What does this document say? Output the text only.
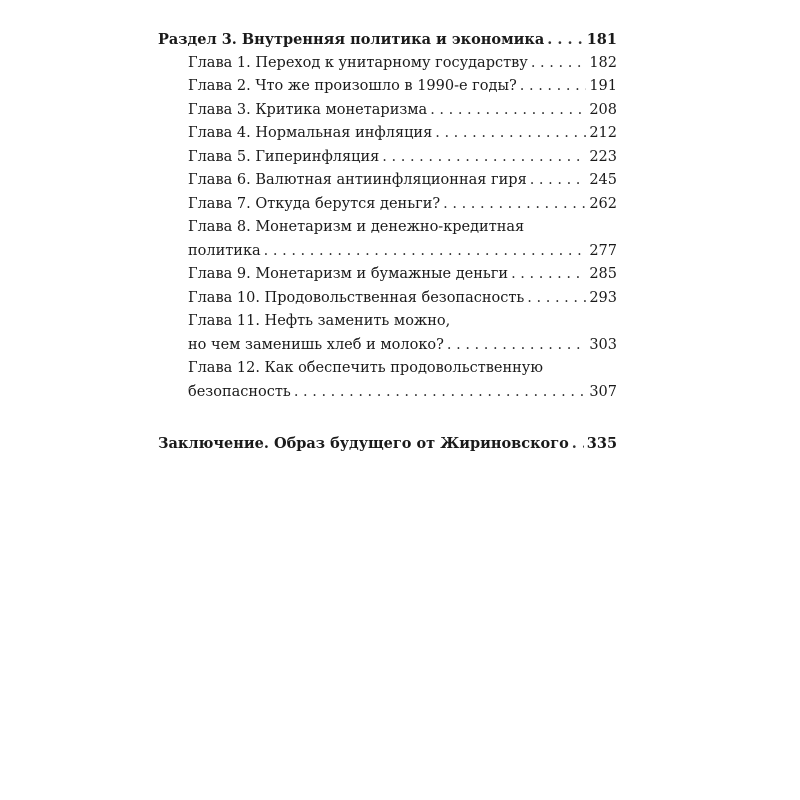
Раздел 3. Внутренняя политика и экономика . . .	181
Глава 1. Переход к унитарному государству . . .	182
Глава 2. Что же произошло в 1990-е годы? . . .	191
Глава 3. Критика монетаризма . . .	208
Глава 4. Нормальная инфляция . . .	212
Глава 5. Гиперинфляция . . .	223
Глава 6. Валютная антиинфляционная гиря . . .	245
Глава 7. Откуда берутся деньги? . . .	262
Глава 8. Монетаризм и денежно-кредитная
политика . . .	277
Глава 9. Монетаризм и бумажные деньги . . .	285
Глава 10. Продовольственная безопасность . . .	293
Глава 11. Нефть заменить можно,
но чем заменишь хлеб и молоко? . . .	303
Глава 12. Как обеспечить продовольственную
безопасность . . .	307
Заключение. Образ будущего от Жириновского . . . 335
